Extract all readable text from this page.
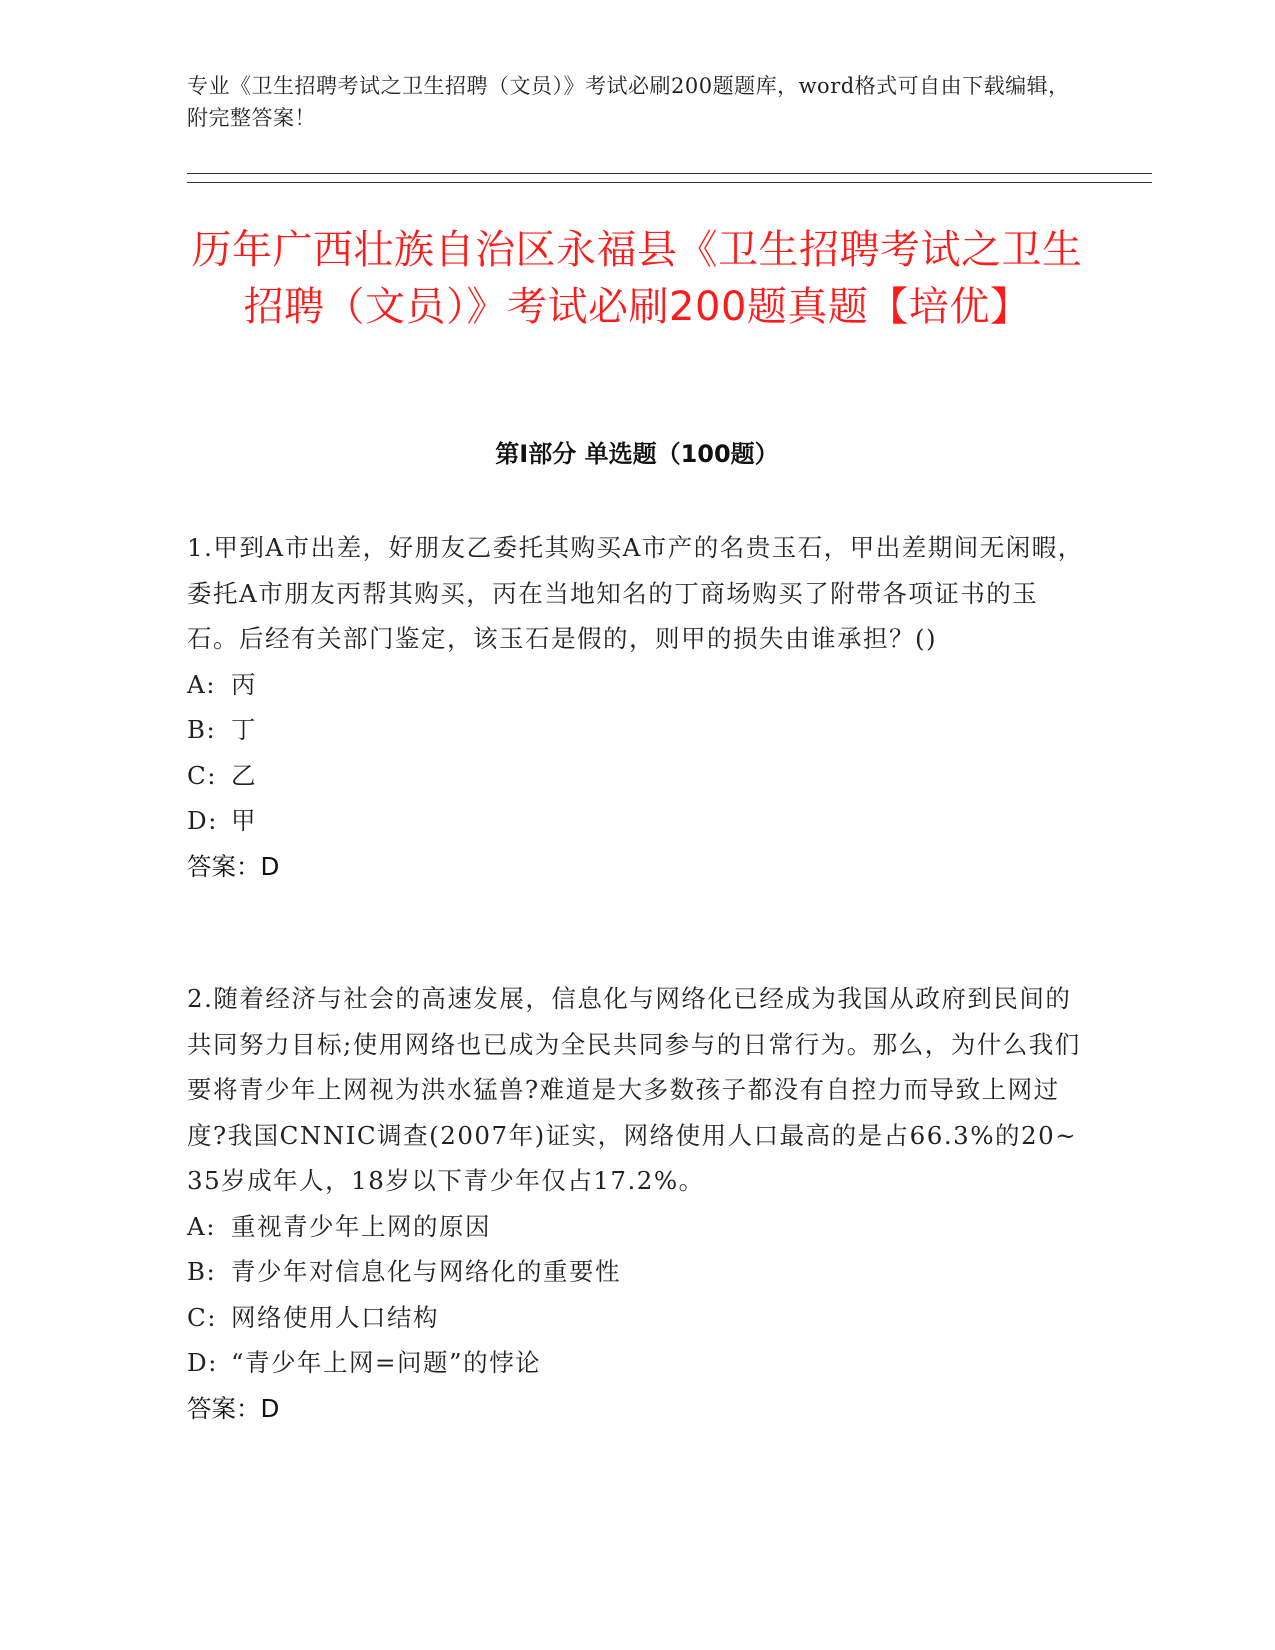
专业《卫生招聘考试之卫生招聘（文员）》考试必刷200题题库，word格式可自由下载编辑，附完整答案！
历年广西壮族自治区永福县《卫生招聘考试之卫生招聘（文员）》考试必刷200题真题【培优】
第I部分 单选题（100题）

1.甲到A市出差，好朋友乙委托其购买A市产的名贵玉石，甲出差期间无闲暇，委托A市朋友丙帮其购买，丙在当地知名的丁商场购买了附带各项证书的玉石。后经有关部门鉴定，该玉石是假的，则甲的损失由谁承担？()

A: 丙

B: 丁

C: 乙

D: 甲

答案：D

2.随着经济与社会的高速发展，信息化与网络化已经成为我国从政府到民间的共同努力目标;使用网络也已成为全民共同参与的日常行为。那么，为什么我们要将青少年上网视为洪水猛兽?难道是大多数孩子都没有自控力而导致上网过度?我国CNNIC调查(2007年)证实，网络使用人口最高的是占66.3%的20~35岁成年人，18岁以下青少年仅占17.2%。

A: 重视青少年上网的原因

B: 青少年对信息化与网络化的重要性

C: 网络使用人口结构

D: “青少年上网=问题”的悖论

答案：D
